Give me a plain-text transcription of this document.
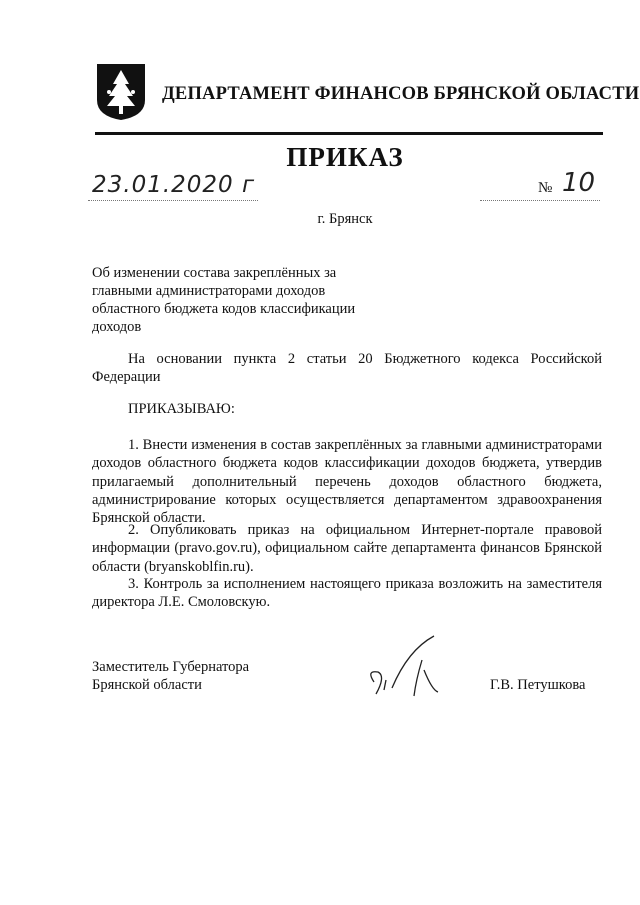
ДЕПАРТАМЕНТ ФИНАНСОВ БРЯНСКОЙ ОБЛАСТИ
ПРИКАЗ
23.01.2020 г	№ 10
г. Брянск
Об изменении состава закреплённых за главными администраторами доходов областного бюджета кодов классификации доходов
На основании пункта 2 статьи 20 Бюджетного кодекса Российской Федерации
ПРИКАЗЫВАЮ:
1. Внести изменения в состав закреплённых за главными администраторами доходов областного бюджета кодов классификации доходов бюджета, утвердив прилагаемый дополнительный перечень доходов областного бюджета, администрирование которых осуществляется департаментом здравоохранения Брянской области.
2. Опубликовать приказ на официальном Интернет-портале правовой информации (pravo.gov.ru), официальном сайте департамента финансов Брянской области (bryanskoblfin.ru).
3. Контроль за исполнением настоящего приказа возложить на заместителя директора Л.Е. Смоловскую.
Заместитель Губернатора
Брянской области	Г.В. Петушкова
